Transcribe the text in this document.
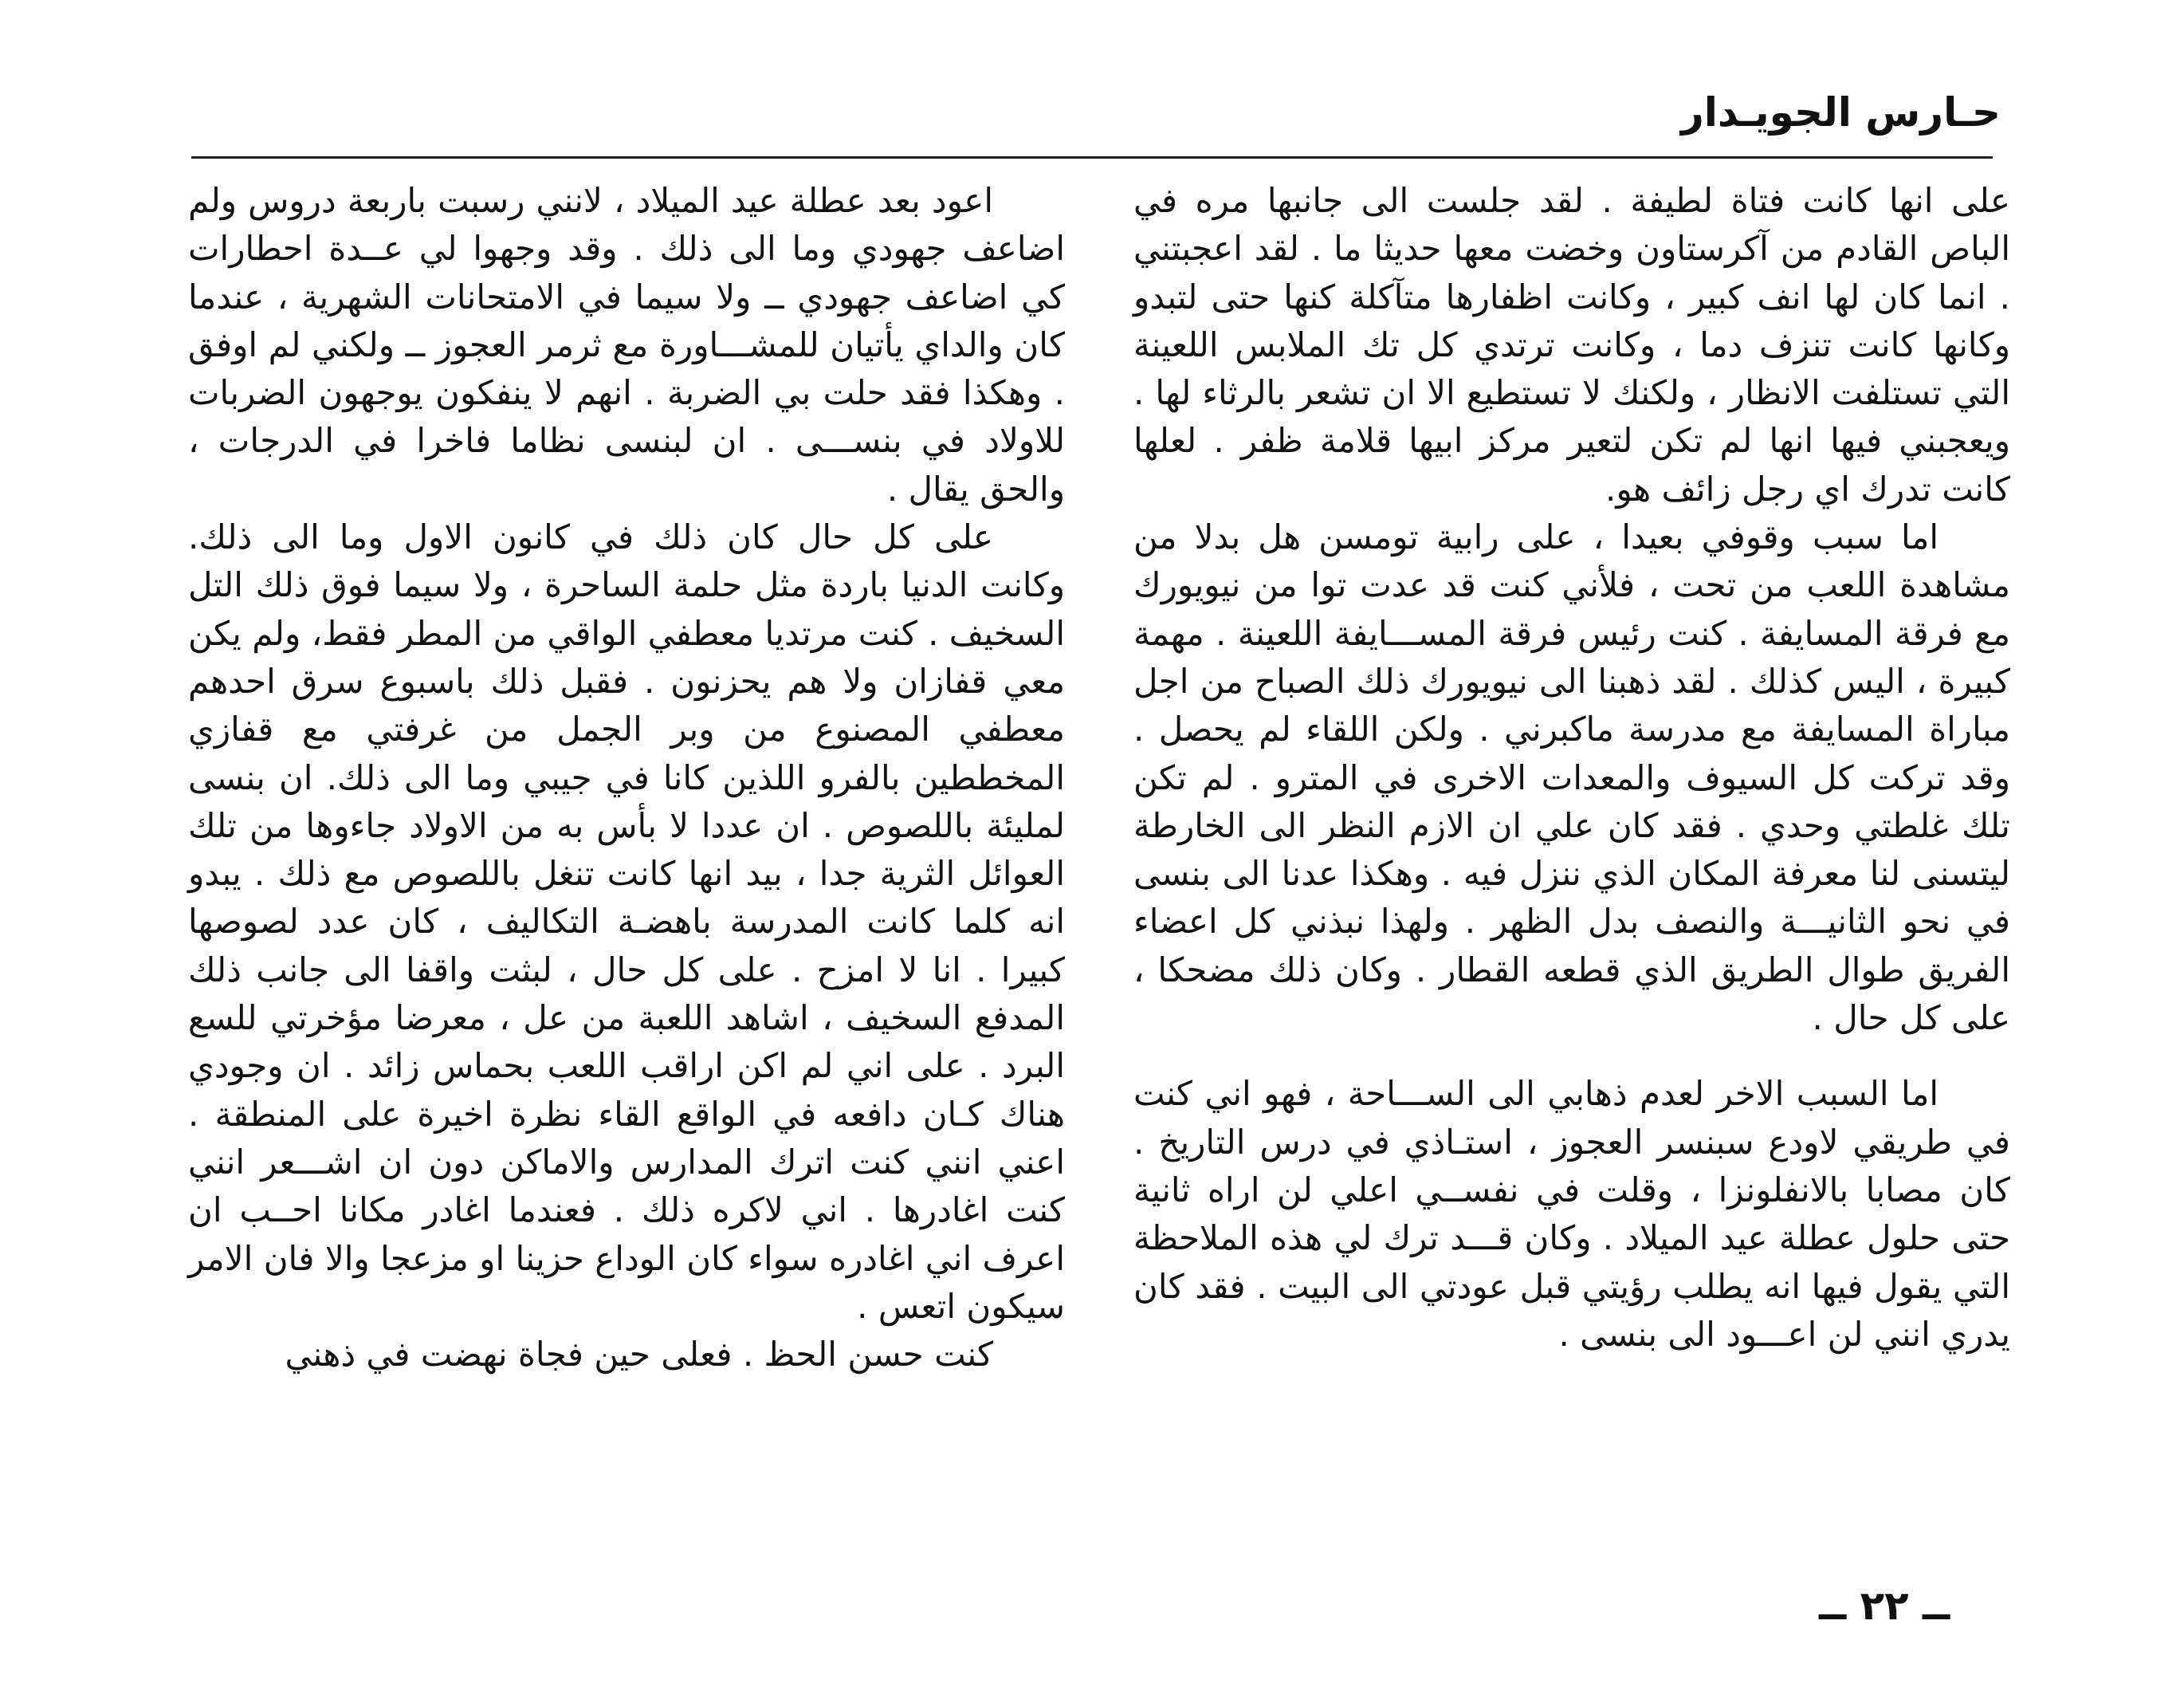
حـارس الجويـدار

على انها كانت فتاة لطيفة . لقد جلست الى جانبها مره في الباص القادم من آكرستاون وخضت معها حديثا ما . لقد اعجبتني . انما كان لها انف كبير ، وكانت اظفارها متآكلة كنها حتى لتبدو وكانها كانت تنزف دما ، وكانت ترتدي كل تك الملابس اللعينة التي تستلفت الانظار ، ولكنك لا تستطيع الا ان تشعر بالرثاء لها . ويعجبني فيها انها لم تكن لتعير مركز ابيها قلامة ظفر . لعلها كانت تدرك اي رجل زائف هو.

اما سبب وقوفي بعيدا ، على رابية تومسن هل بدلا من مشاهدة اللعب من تحت ، فلأني كنت قد عدت توا من نيويورك مع فرقة المسايفة . كنت رئيس فرقة المســـايفة اللعينة . مهمة كبيرة ، اليس كذلك . لقد ذهبنا الى نيويورك ذلك الصباح من اجل مباراة المسايفة مع مدرسة ماكبرني . ولكن اللقاء لم يحصل . وقد تركت كل السيوف والمعدات الاخرى في المترو . لم تكن تلك غلطتي وحدي . فقد كان علي ان الازم النظر الى الخارطة ليتسنى لنا معرفة المكان الذي ننزل فيه . وهكذا عدنا الى بنسى في نحو الثانيـــة والنصف بدل الظهر . ولهذا نبذني كل اعضاء الفريق طوال الطريق الذي قطعه القطار . وكان ذلك مضحكا ، على كل حال .

اما السبب الاخر لعدم ذهابي الى الســـاحة ، فهو اني كنت في طريقي لاودع سبنسر العجوز ، استـاذي في درس التاريخ . كان مصابا بالانفلونزا ، وقلت في نفســي اعلي لن اراه ثانية حتى حلول عطلة عيد الميلاد . وكان قـــد ترك لي هذه الملاحظة التي يقول فيها انه يطلب رؤيتي قبل عودتي الى البيت . فقد كان يدري انني لن اعـــود الى بنسى .

اعود بعد عطلة عيد الميلاد ، لانني رسبت باربعة دروس ولم اضاعف جهودي وما الى ذلك . وقد وجهوا لي عــدة احطارات كي اضاعف جهودي ــ ولا سيما في الامتحانات الشهرية ، عندما كان والداي يأتيان للمشـــاورة مع ثرمر العجوز ــ ولكني لم اوفق . وهكذا فقد حلت بي الضربة . انهم لا ينفكون يوجهون الضربات للاولاد في بنســـى . ان لبنسى نظاما فاخرا في الدرجات ، والحق يقال .

على كل حال كان ذلك في كانون الاول وما الى ذلك. وكانت الدنيا باردة مثل حلمة الساحرة ، ولا سيما فوق ذلك التل السخيف . كنت مرتديا معطفي الواقي من المطر فقط، ولم يكن معي قفازان ولا هم يحزنون . فقبل ذلك باسبوع سرق احدهم معطفي المصنوع من وبر الجمل من غرفتي مع قفازي المخططين بالفرو اللذين كانا في جيبي وما الى ذلك. ان بنسى لمليئة باللصوص . ان عددا لا بأس به من الاولاد جاءوها من تلك العوائل الثرية جدا ، بيد انها كانت تنغل باللصوص مع ذلك . يبدو انه كلما كانت المدرسة باهضـة التكاليف ، كان عدد لصوصها كبيرا . انا لا امزح . على كل حال ، لبثت واقفا الى جانب ذلك المدفع السخيف ، اشاهد اللعبة من عل ، معرضا مؤخرتي للسع البرد . على اني لم اكن اراقب اللعب بحماس زائد . ان وجودي هناك كـان دافعه في الواقع القاء نظرة اخيرة على المنطقة . اعني انني كنت اترك المدارس والاماكن دون ان اشـــعر انني كنت اغادرها . اني لاكره ذلك . فعندما اغادر مكانا احــب ان اعرف اني اغادره سواء كان الوداع حزينا او مزعجا والا فان الامر سيكون اتعس .

كنت حسن الحظ . فعلى حين فجاة نهضت في ذهني

ــ ٢٢ ــ
